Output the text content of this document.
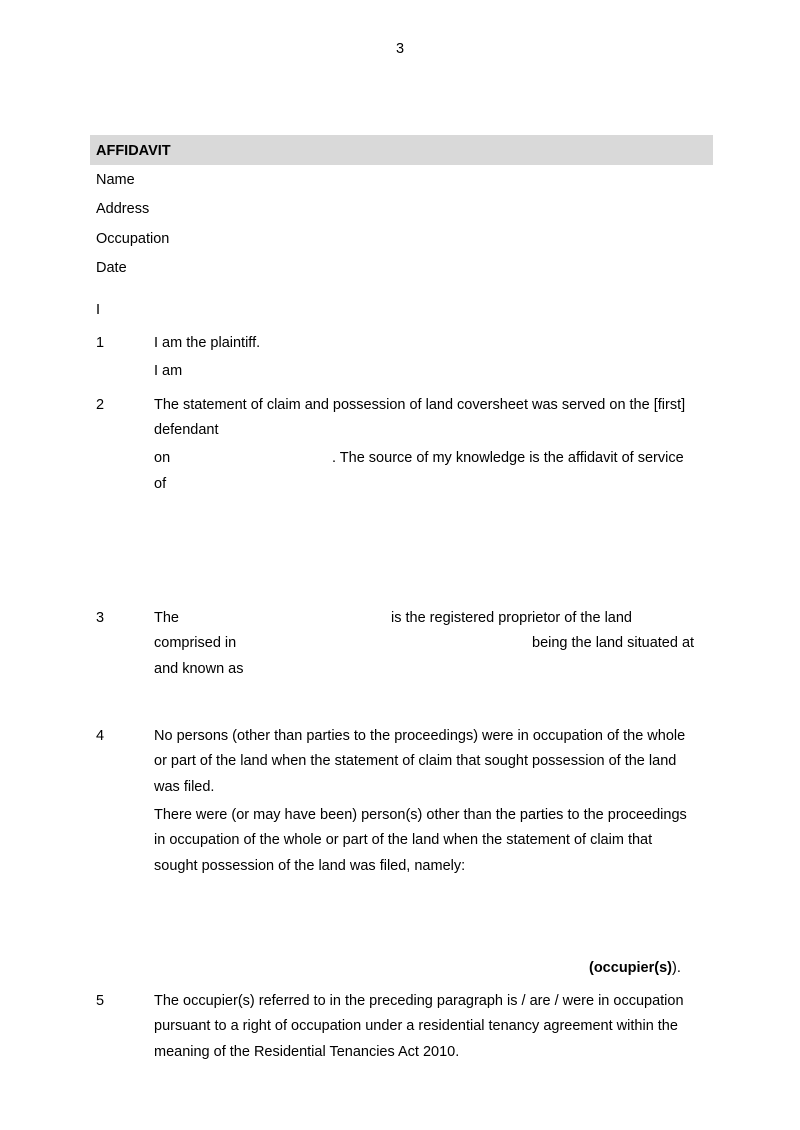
3
AFFIDAVIT
Name
Address
Occupation
Date
I
1	I am the plaintiff.
I am
2	The statement of claim and possession of land coversheet was served on the [first]
defendant
on	. The source of my knowledge is the affidavit of service
of
3	The	is the registered proprietor of the land
comprised in	being the land situated at
and known as
4	No persons (other than parties to the proceedings) were in occupation of the whole
or part of the land when the statement of claim that sought possession of the land
was filed.
There were (or may have been) person(s) other than the parties to the proceedings
in occupation of the whole or part of the land when the statement of claim that
sought possession of the land was filed, namely:
(occupier(s)).
5	The occupier(s) referred to in the preceding paragraph is / are / were in occupation
pursuant to a right of occupation under a residential tenancy agreement within the
meaning of the Residential Tenancies Act 2010.
